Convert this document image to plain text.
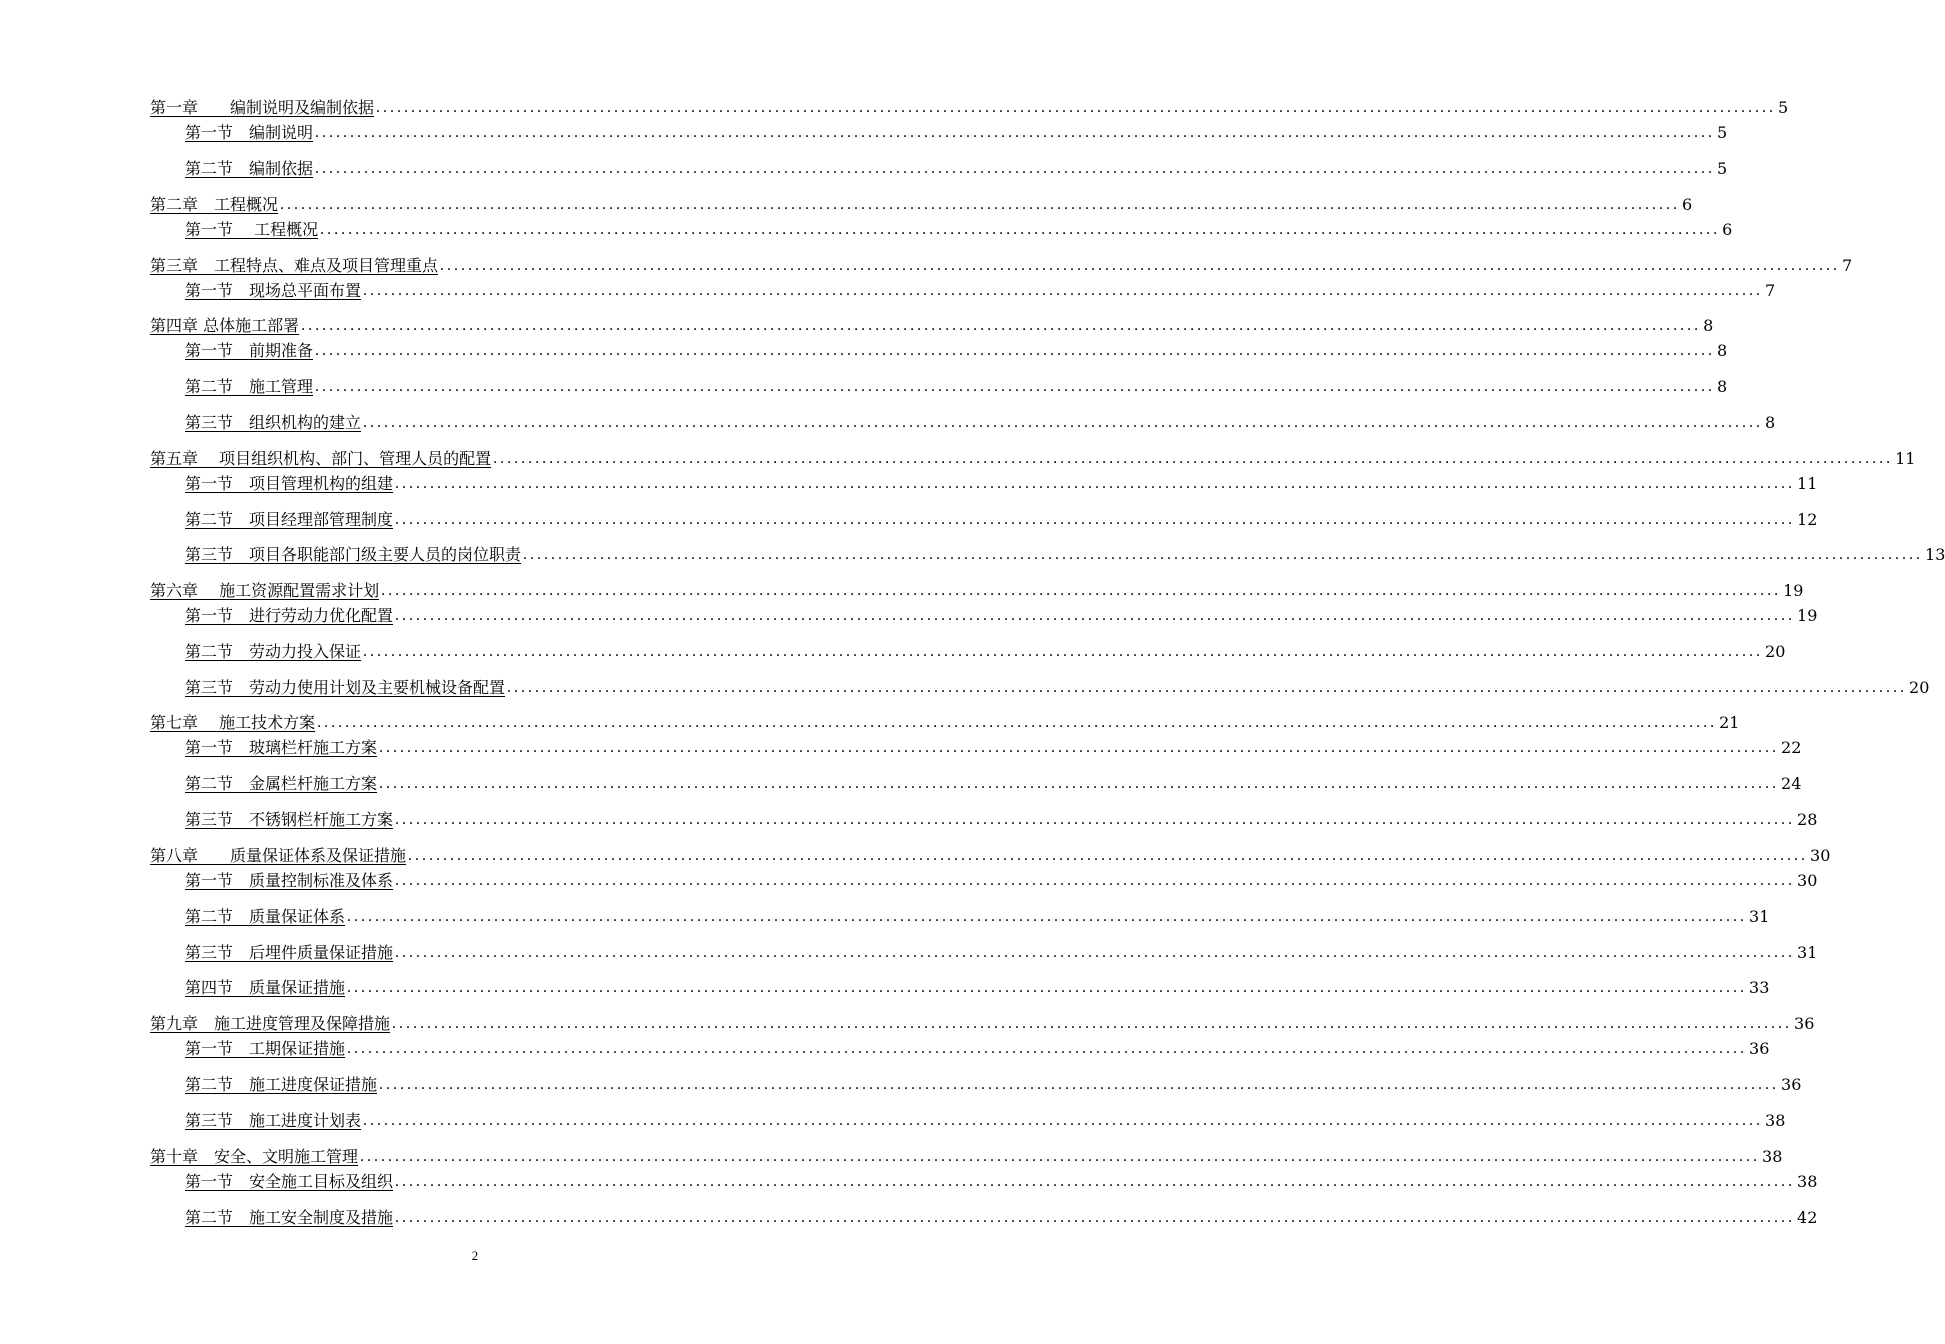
第一章　　编制说明及编制依据 ........................................................................................................................................................................................................ 5
第一节　编制说明 ........................................................................................................................................................................................................ 5
第二节　编制依据 ........................................................................................................................................................................................................ 5
第二章　工程概况 ........................................................................................................................................................................................................ 6
第一节　 工程概况 ........................................................................................................................................................................................................ 6
第三章　工程特点、难点及项目管理重点 ........................................................................................................................................................................................................ 7
第一节　现场总平面布置 ........................................................................................................................................................................................................ 7
第四章 总体施工部署 ........................................................................................................................................................................................................ 8
第一节　前期准备 ........................................................................................................................................................................................................ 8
第二节　施工管理 ........................................................................................................................................................................................................ 8
第三节　组织机构的建立 ........................................................................................................................................................................................................ 8
第五章　 项目组织机构、部门、管理人员的配置 ........................................................................................................................................................................................................ 11
第一节　项目管理机构的组建 ........................................................................................................................................................................................................ 11
第二节　项目经理部管理制度 ........................................................................................................................................................................................................ 12
第三节　项目各职能部门级主要人员的岗位职责 ........................................................................................................................................................................................................ 13
第六章　 施工资源配置需求计划 ........................................................................................................................................................................................................ 19
第一节　进行劳动力优化配置 ........................................................................................................................................................................................................ 19
第二节　劳动力投入保证 ........................................................................................................................................................................................................ 20
第三节　劳动力使用计划及主要机械设备配置 ........................................................................................................................................................................................................ 20
第七章　 施工技术方案 ........................................................................................................................................................................................................ 21
第一节　玻璃栏杆施工方案 ........................................................................................................................................................................................................ 22
第二节　金属栏杆施工方案 ........................................................................................................................................................................................................ 24
第三节　不锈钢栏杆施工方案 ........................................................................................................................................................................................................ 28
第八章　　质量保证体系及保证措施 ........................................................................................................................................................................................................ 30
第一节　质量控制标准及体系 ........................................................................................................................................................................................................ 30
第二节　质量保证体系 ........................................................................................................................................................................................................ 31
第三节　后埋件质量保证措施 ........................................................................................................................................................................................................ 31
第四节　质量保证措施 ........................................................................................................................................................................................................ 33
第九章　施工进度管理及保障措施 ........................................................................................................................................................................................................ 36
第一节　工期保证措施 ........................................................................................................................................................................................................ 36
第二节　施工进度保证措施 ........................................................................................................................................................................................................ 36
第三节　施工进度计划表 ........................................................................................................................................................................................................ 38
第十章　安全、文明施工管理 ........................................................................................................................................................................................................ 38
第一节　安全施工目标及组织 ........................................................................................................................................................................................................ 38
第二节　施工安全制度及措施 ........................................................................................................................................................................................................ 42
2
